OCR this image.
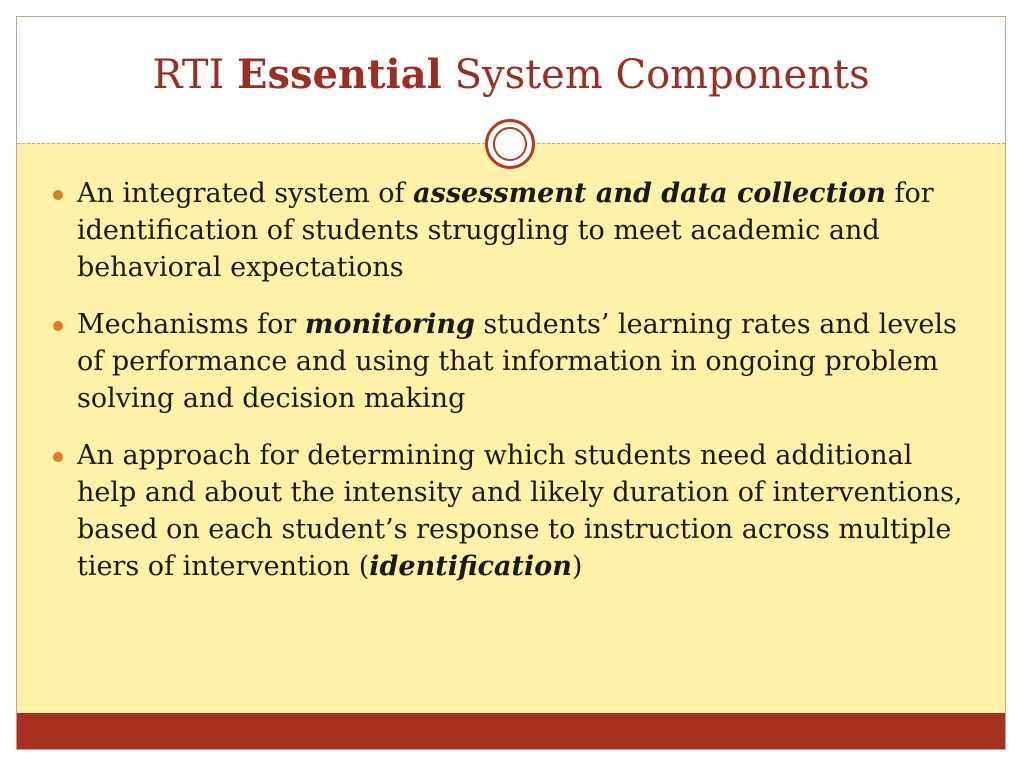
RTI Essential System Components
An integrated system of assessment and data collection for identification of students struggling to meet academic and behavioral expectations
Mechanisms for monitoring students’ learning rates and levels of performance and using that information in ongoing problem solving and decision making
An approach for determining which students need additional help and about the intensity and likely duration of interventions, based on each student’s response to instruction across multiple tiers of intervention (identification)
